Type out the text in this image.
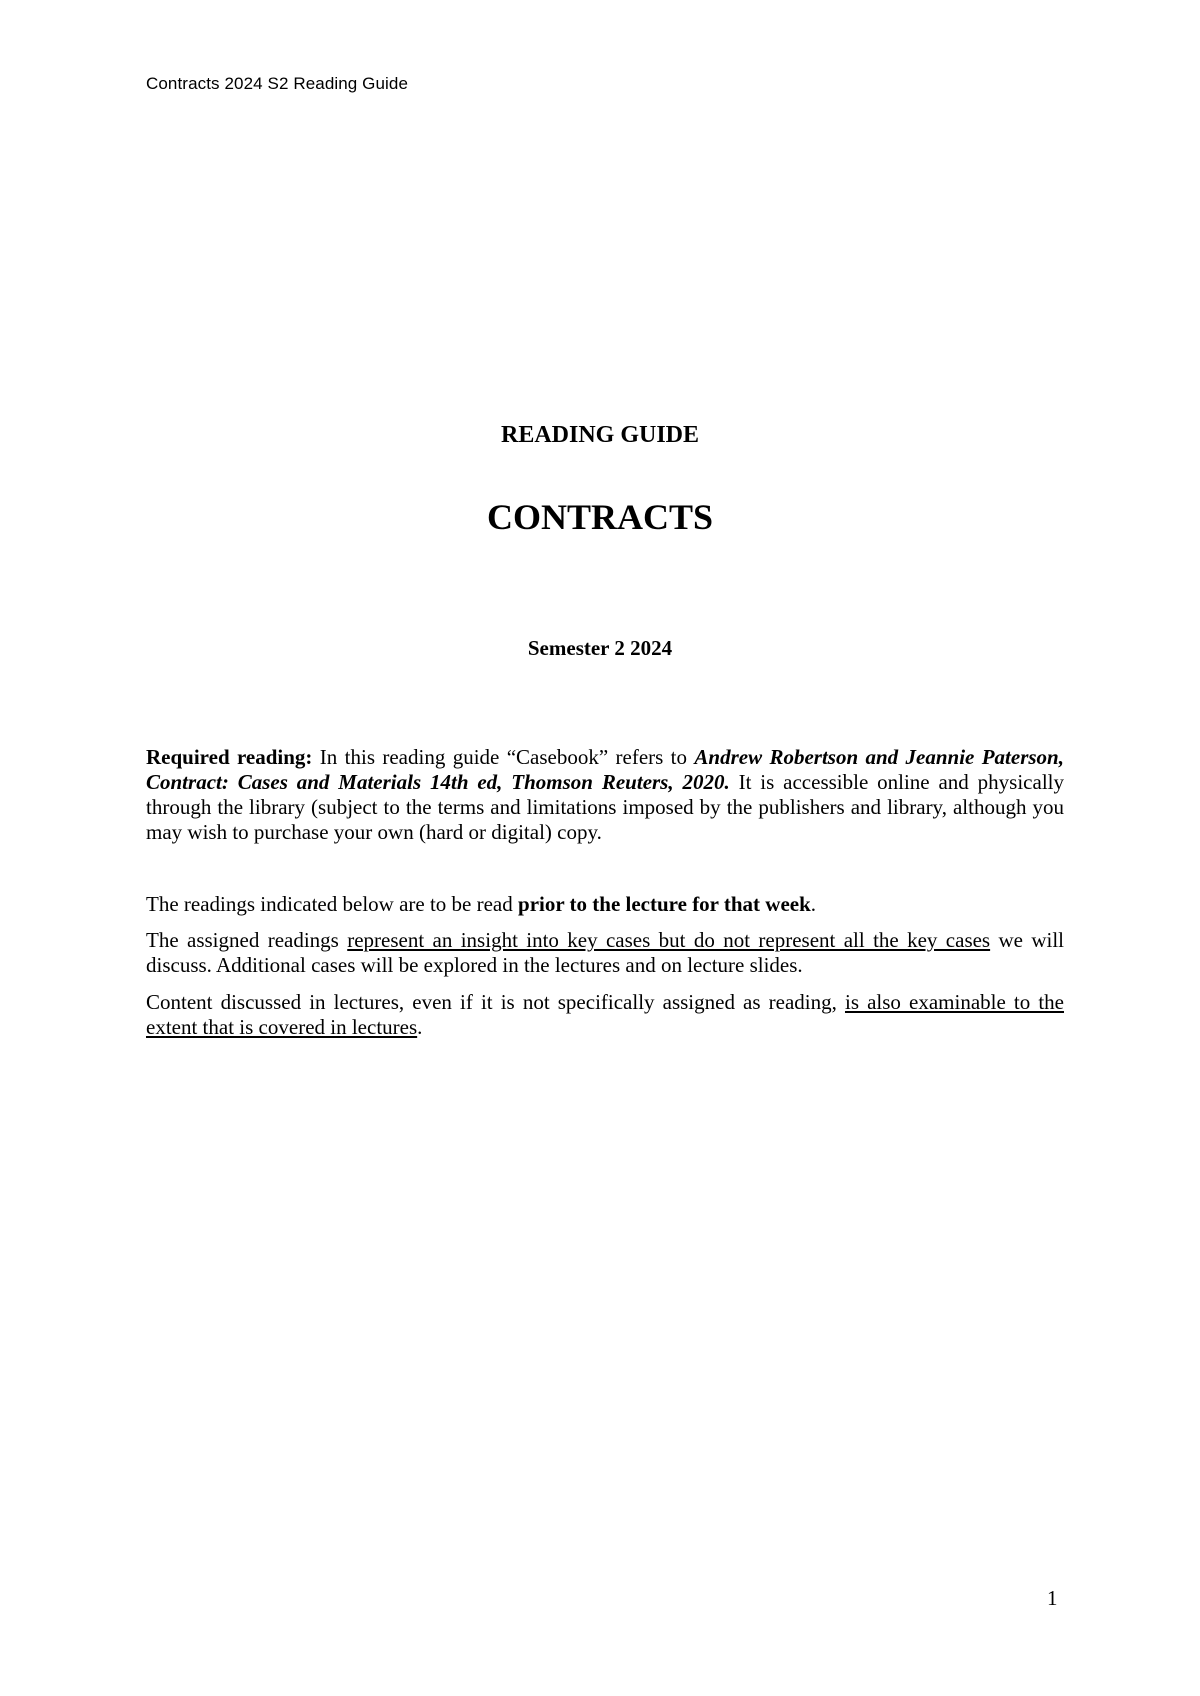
Contracts 2024 S2 Reading Guide
READING GUIDE
CONTRACTS
Semester 2 2024

Required reading: In this reading guide “Casebook” refers to Andrew Robertson and Jeannie Paterson, Contract: Cases and Materials 14th ed, Thomson Reuters, 2020. It is accessible online and physically through the library (subject to the terms and limitations imposed by the publishers and library, although you may wish to purchase your own (hard or digital) copy.

The readings indicated below are to be read prior to the lecture for that week.

The assigned readings represent an insight into key cases but do not represent all the key cases we will discuss. Additional cases will be explored in the lectures and on lecture slides.

Content discussed in lectures, even if it is not specifically assigned as reading, is also examinable to the extent that is covered in lectures.

1
